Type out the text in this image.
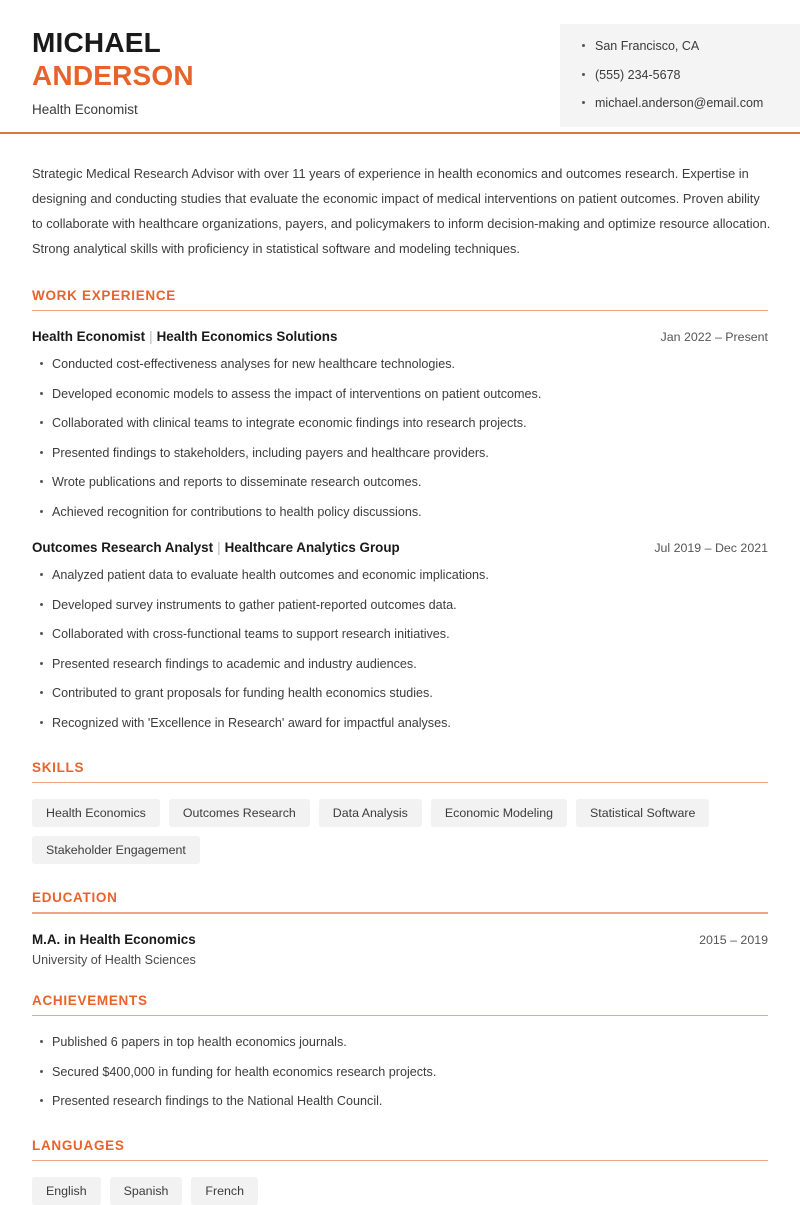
MICHAEL
ANDERSON
Health Economist
San Francisco, CA
(555) 234-5678
michael.anderson@email.com

Strategic Medical Research Advisor with over 11 years of experience in health economics and outcomes research. Expertise in designing and conducting studies that evaluate the economic impact of medical interventions on patient outcomes. Proven ability to collaborate with healthcare organizations, payers, and policymakers to inform decision-making and optimize resource allocation. Strong analytical skills with proficiency in statistical software and modeling techniques.

WORK EXPERIENCE
Health Economist | Health Economics Solutions	Jan 2022 – Present
Conducted cost-effectiveness analyses for new healthcare technologies.
Developed economic models to assess the impact of interventions on patient outcomes.
Collaborated with clinical teams to integrate economic findings into research projects.
Presented findings to stakeholders, including payers and healthcare providers.
Wrote publications and reports to disseminate research outcomes.
Achieved recognition for contributions to health policy discussions.
Outcomes Research Analyst | Healthcare Analytics Group	Jul 2019 – Dec 2021
Analyzed patient data to evaluate health outcomes and economic implications.
Developed survey instruments to gather patient-reported outcomes data.
Collaborated with cross-functional teams to support research initiatives.
Presented research findings to academic and industry audiences.
Contributed to grant proposals for funding health economics studies.
Recognized with 'Excellence in Research' award for impactful analyses.
SKILLS
Health Economics	Outcomes Research	Data Analysis	Economic Modeling	Statistical Software
Stakeholder Engagement
EDUCATION
M.A. in Health Economics	2015 – 2019
University of Health Sciences
ACHIEVEMENTS
Published 6 papers in top health economics journals.
Secured $400,000 in funding for health economics research projects.
Presented research findings to the National Health Council.
LANGUAGES
English	Spanish	French
